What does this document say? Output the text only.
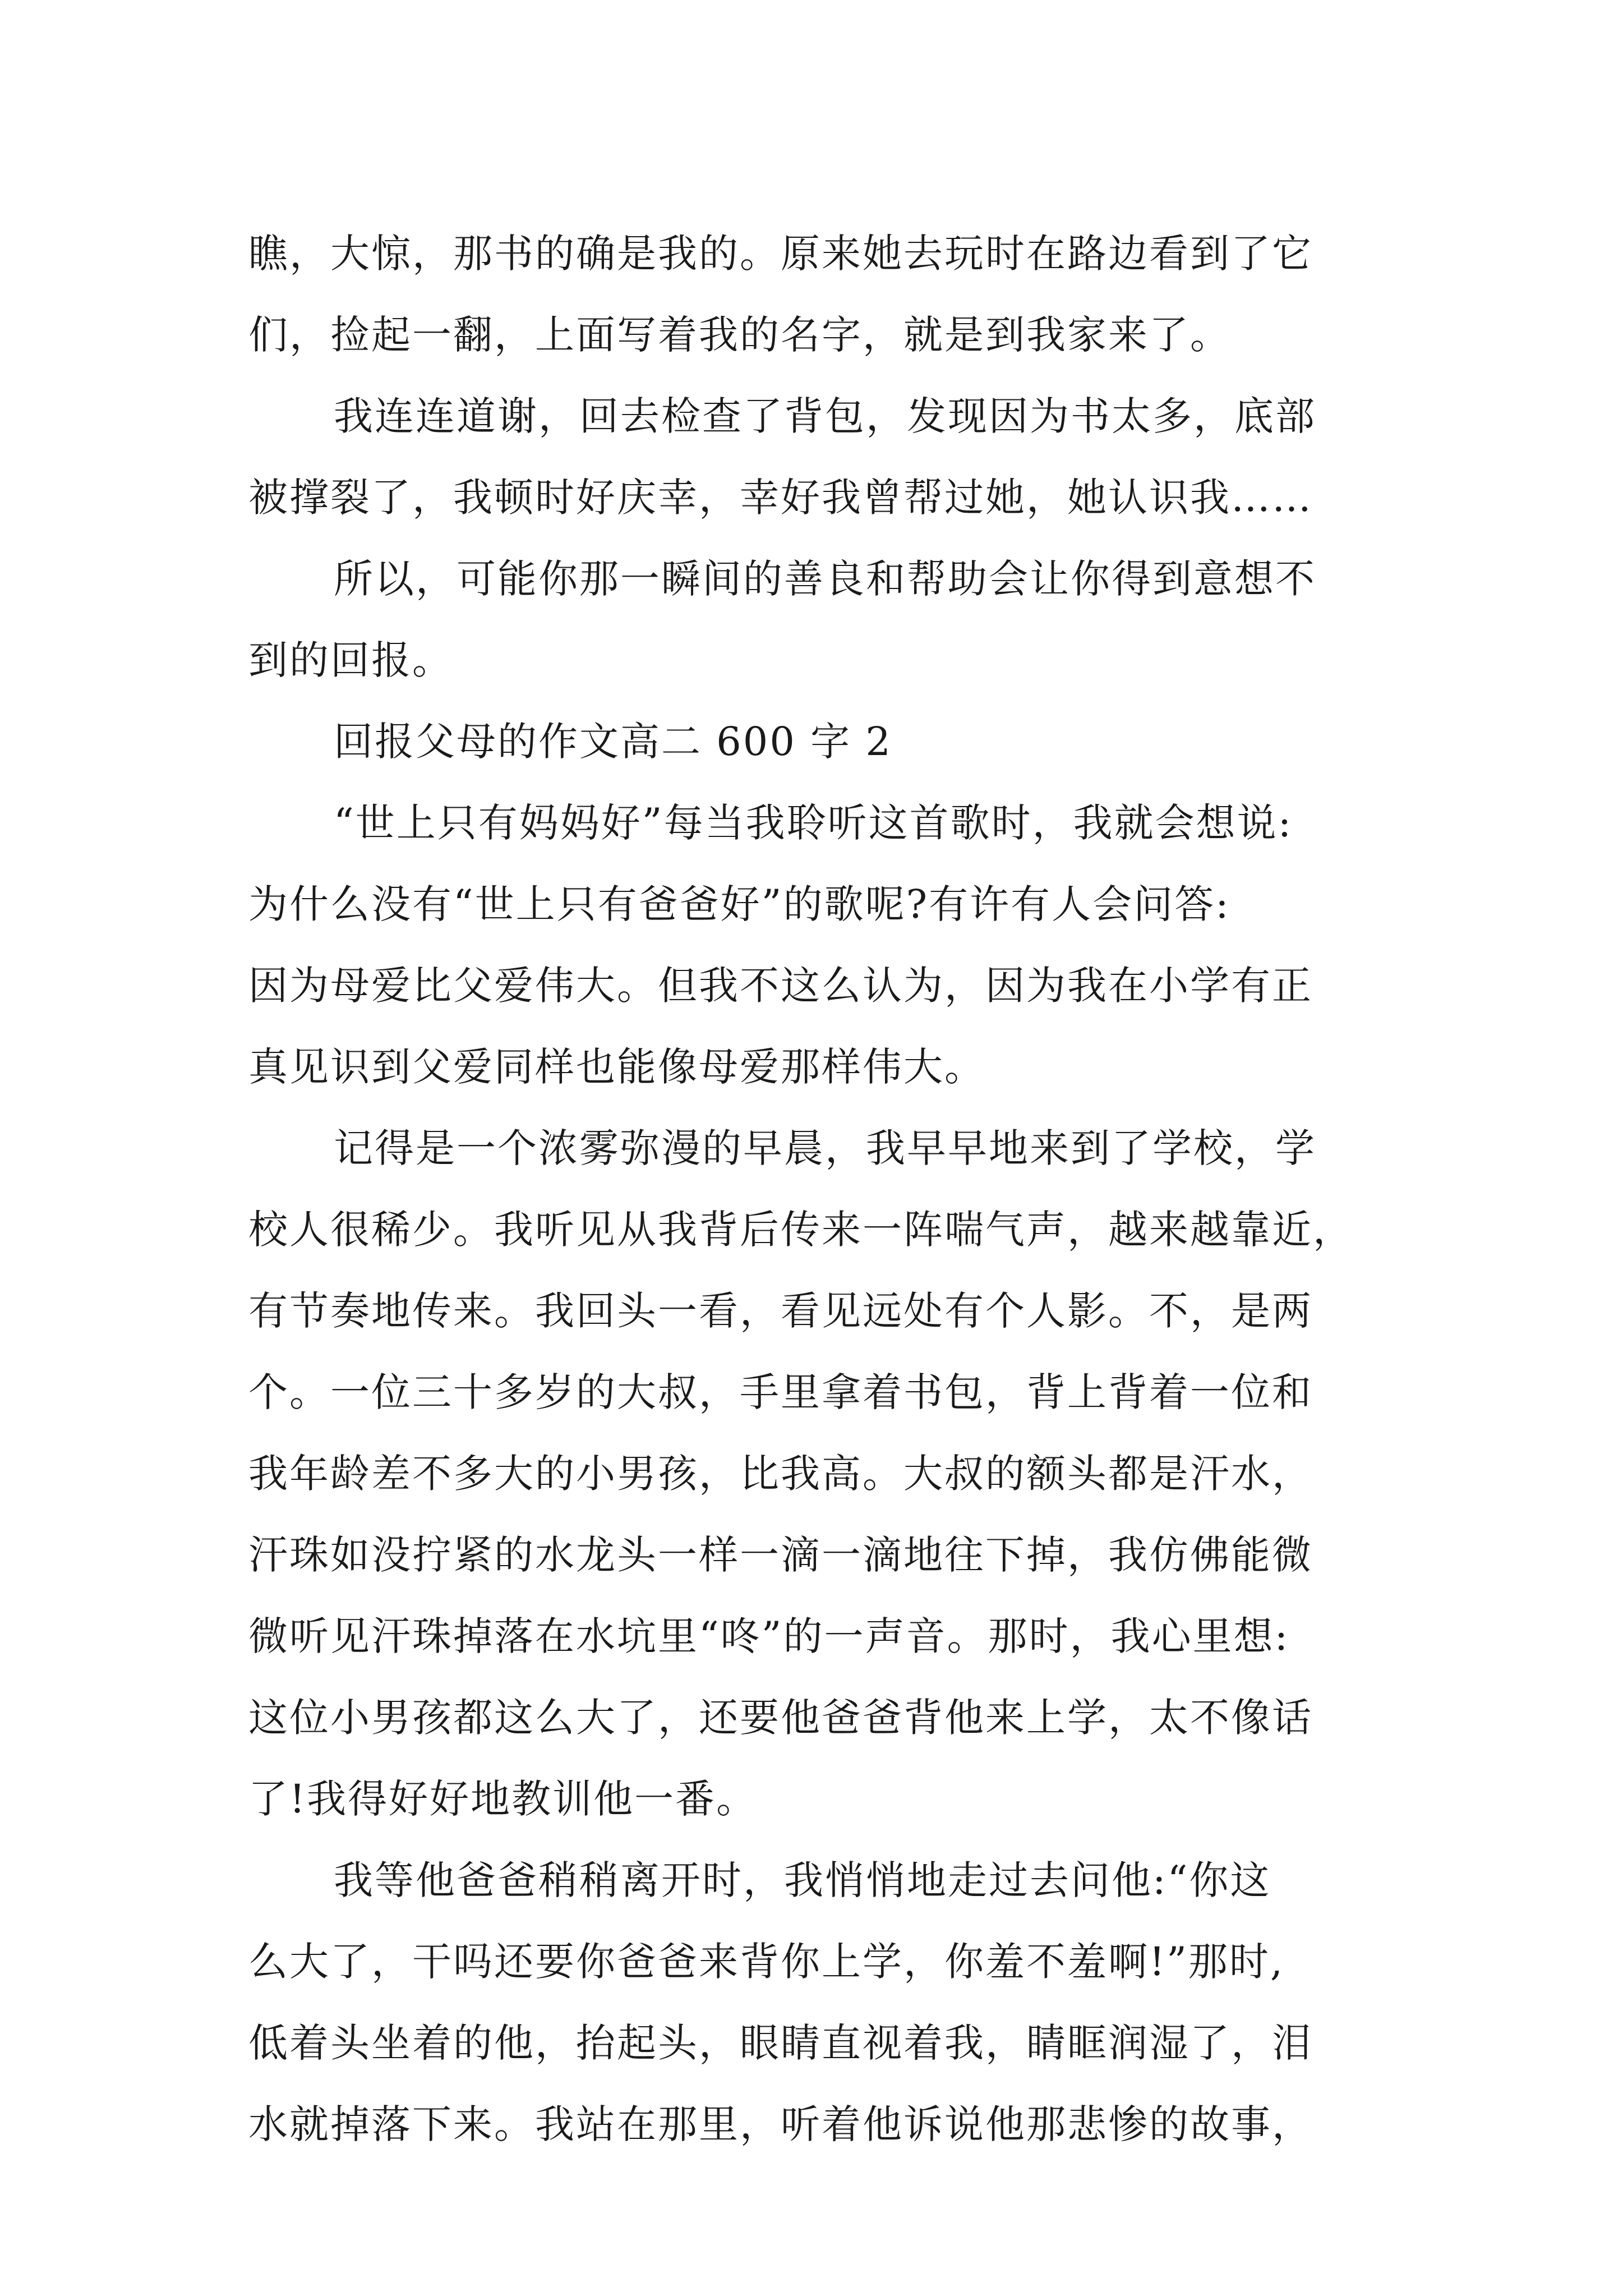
瞧，大惊，那书的确是我的。原来她去玩时在路边看到了它
们，捡起一翻，上面写着我的名字，就是到我家来了。
我连连道谢，回去检查了背包，发现因为书太多，底部
被撑裂了，我顿时好庆幸，幸好我曾帮过她，她认识我……
所以，可能你那一瞬间的善良和帮助会让你得到意想不
到的回报。
回报父母的作文高二 600 字 2
“世上只有妈妈好”每当我聆听这首歌时，我就会想说:
为什么没有“世上只有爸爸好”的歌呢?有许有人会问答:
因为母爱比父爱伟大。但我不这么认为，因为我在小学有正
真见识到父爱同样也能像母爱那样伟大。
记得是一个浓雾弥漫的早晨，我早早地来到了学校，学
校人很稀少。我听见从我背后传来一阵喘气声，越来越靠近，
有节奏地传来。我回头一看，看见远处有个人影。不，是两
个。一位三十多岁的大叔，手里拿着书包，背上背着一位和
我年龄差不多大的小男孩，比我高。大叔的额头都是汗水，
汗珠如没拧紧的水龙头一样一滴一滴地往下掉，我仿佛能微
微听见汗珠掉落在水坑里“咚”的一声音。那时，我心里想:
这位小男孩都这么大了，还要他爸爸背他来上学，太不像话
了!我得好好地教训他一番。
我等他爸爸稍稍离开时，我悄悄地走过去问他:“你这
么大了，干吗还要你爸爸来背你上学，你羞不羞啊!”那时,
低着头坐着的他，抬起头，眼睛直视着我，睛眶润湿了，泪
水就掉落下来。我站在那里，听着他诉说他那悲惨的故事，
